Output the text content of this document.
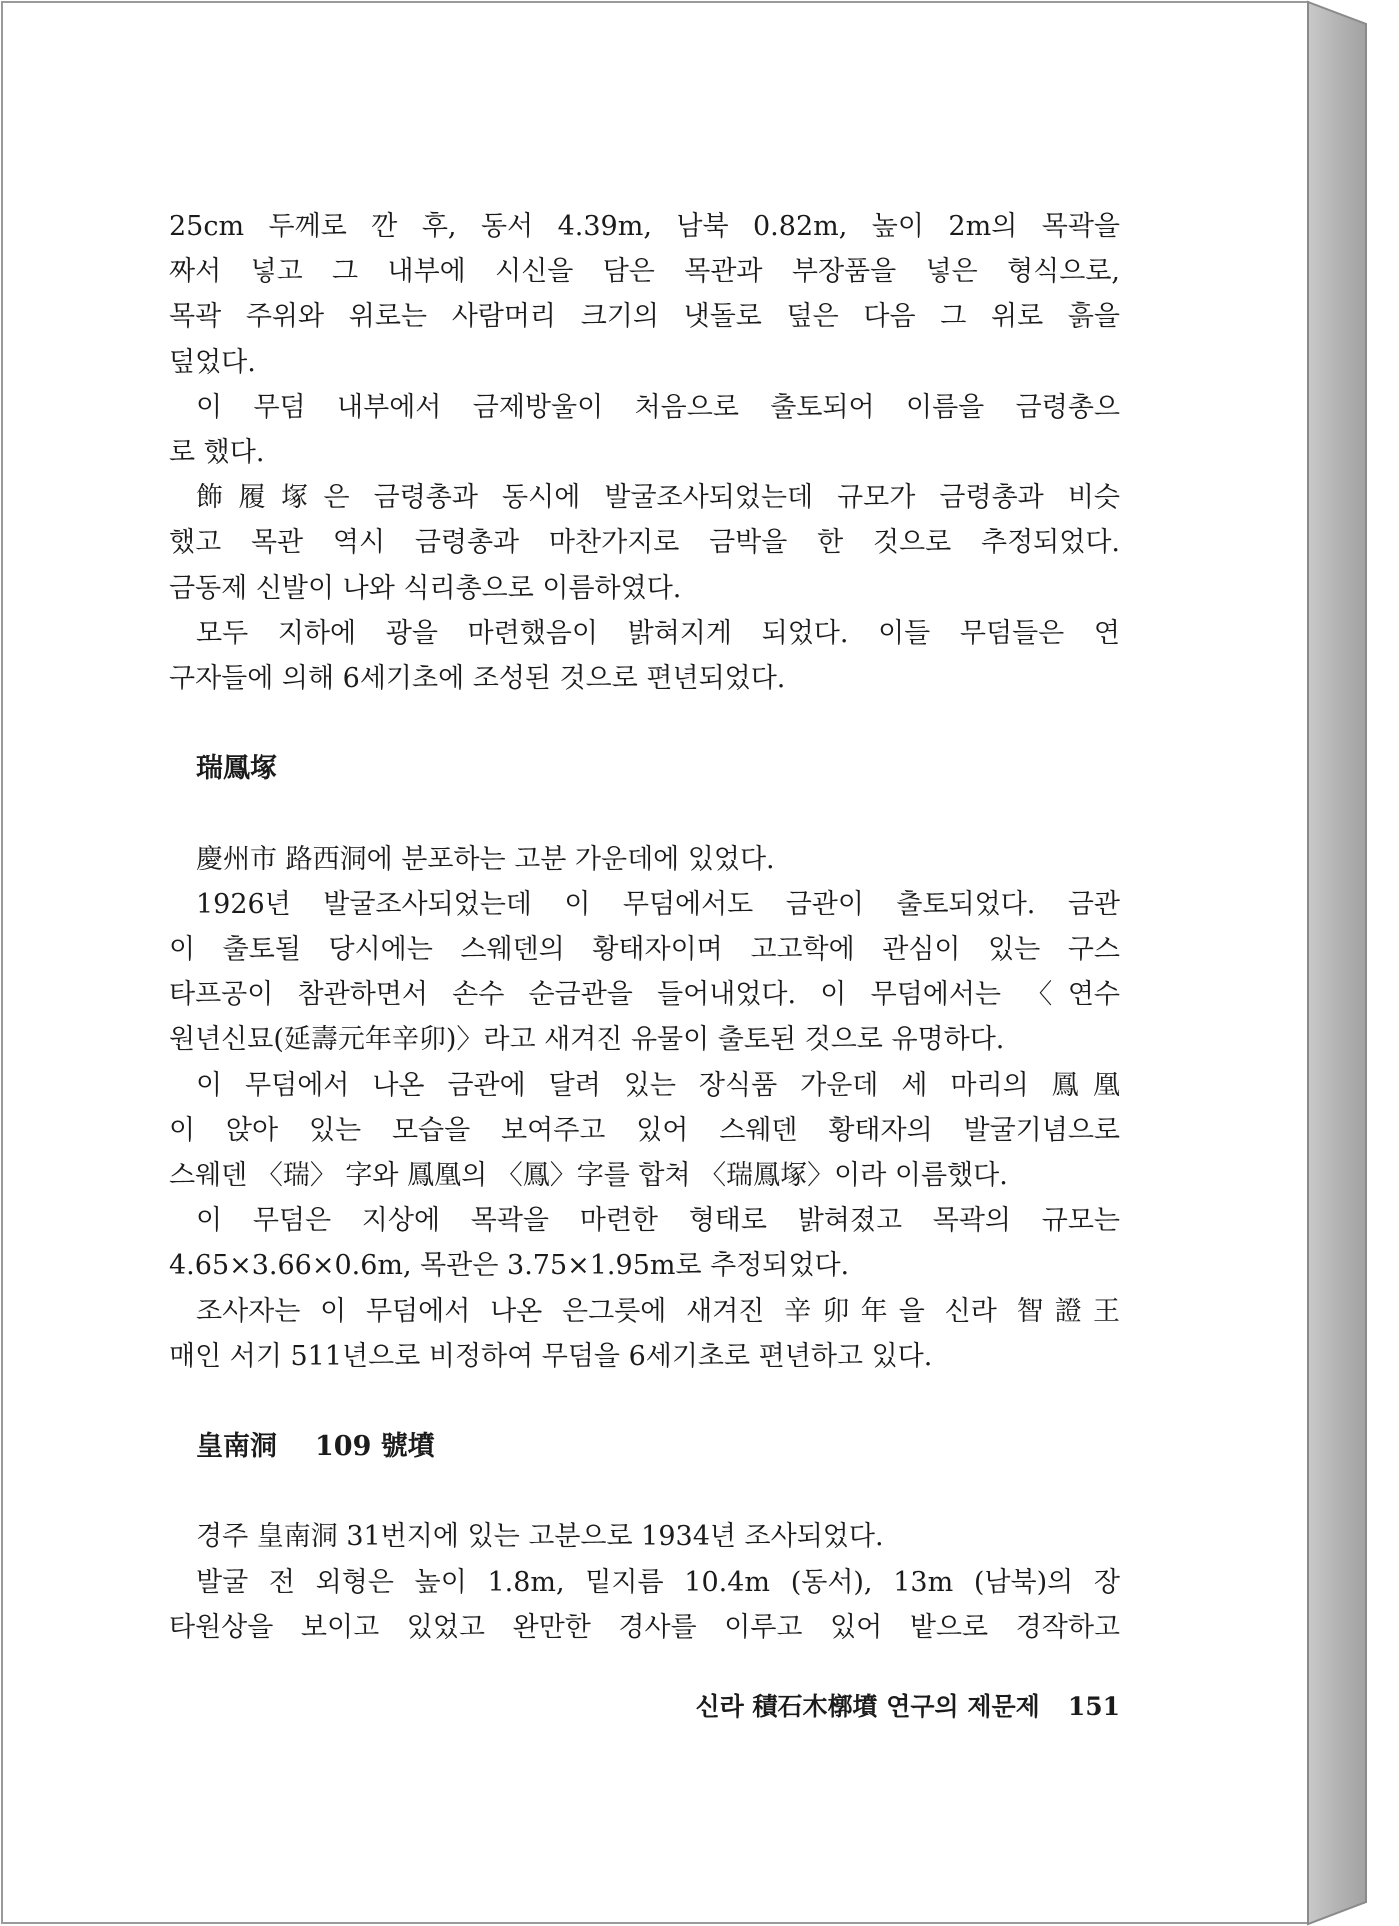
25cm 두께로 깐 후, 동서 4.39m, 남북 0.82m, 높이 2m의 목곽을
짜서 넣고 그 내부에 시신을 담은 목관과 부장품을 넣은 형식으로,
목곽 주위와 위로는 사람머리 크기의 냇돌로 덮은 다음 그 위로 흙을
덮었다.
이 무덤 내부에서 금제방울이 처음으로 출토되어 이름을 금령총으
로 했다.
飾履塚은 금령총과 동시에 발굴조사되었는데 규모가 금령총과 비슷
했고 목관 역시 금령총과 마찬가지로 금박을 한 것으로 추정되었다.
금동제 신발이 나와 식리총으로 이름하였다.
모두 지하에 광을 마련했음이 밝혀지게 되었다. 이들 무덤들은 연
구자들에 의해 6세기초에 조성된 것으로 편년되었다.
瑞鳳塚
慶州市 路西洞에 분포하는 고분 가운데에 있었다.
1926년 발굴조사되었는데 이 무덤에서도 금관이 출토되었다. 금관
이 출토될 당시에는 스웨덴의 황태자이며 고고학에 관심이 있는 구스
타프공이 참관하면서 손수 순금관을 들어내었다. 이 무덤에서는 〈연수
원년신묘(延壽元年辛卯)〉라고 새겨진 유물이 출토된 것으로 유명하다.
이 무덤에서 나온 금관에 달려 있는 장식품 가운데 세 마리의 鳳凰
이 앉아 있는 모습을 보여주고 있어 스웨덴 황태자의 발굴기념으로
스웨덴 〈瑞〉 字와 鳳凰의 〈鳳〉字를 합쳐 〈瑞鳳塚〉이라 이름했다.
이 무덤은 지상에 목곽을 마련한 형태로 밝혀졌고 목곽의 규모는
4.65×3.66×0.6m, 목관은 3.75×1.95m로 추정되었다.
조사자는 이 무덤에서 나온 은그릇에 새겨진 辛卯年을 신라 智證王
매인 서기 511년으로 비정하여 무덤을 6세기초로 편년하고 있다.
皇南洞 109 號墳
경주 皇南洞 31번지에 있는 고분으로 1934년 조사되었다.
발굴 전 외형은 높이 1.8m, 밑지름 10.4m (동서), 13m (남북)의 장
타원상을 보이고 있었고 완만한 경사를 이루고 있어 밭으로 경작하고
신라 積石木槨墳 연구의 제문제 151
